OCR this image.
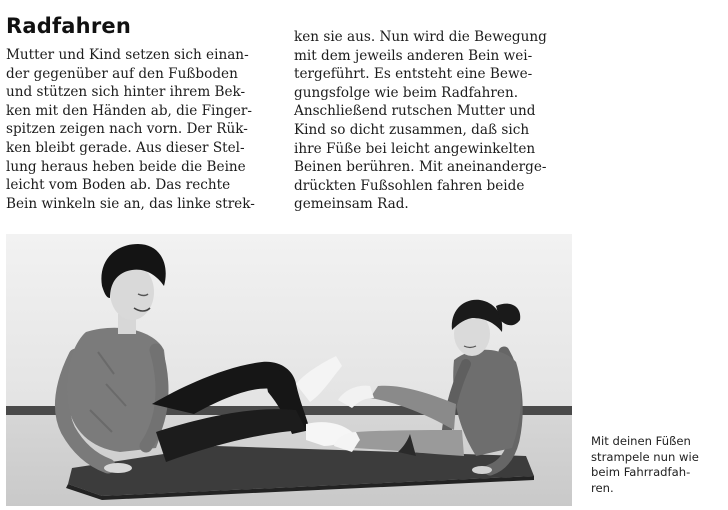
Radfahren
Mutter und Kind setzen sich einan-
der gegenüber auf den Fußboden
und stützen sich hinter ihrem Bek-
ken mit den Händen ab, die Finger-
spitzen zeigen nach vorn. Der Rük-
ken bleibt gerade. Aus dieser Stel-
lung heraus heben beide die Beine
leicht vom Boden ab. Das rechte
Bein winkeln sie an, das linke strek-
ken sie aus. Nun wird die Bewegung
mit dem jeweils anderen Bein wei-
tergeführt. Es entsteht eine Bewe-
gungsfolge wie beim Radfahren.
Anschließend rutschen Mutter und
Kind so dicht zusammen, daß sich
ihre Füße bei leicht angewinkelten
Beinen berühren. Mit aneinanderge-
drückten Fußsohlen fahren beide
gemeinsam Rad.
Mit deinen Füßen
strampele nun wie
beim Fahrradfah-
ren.
